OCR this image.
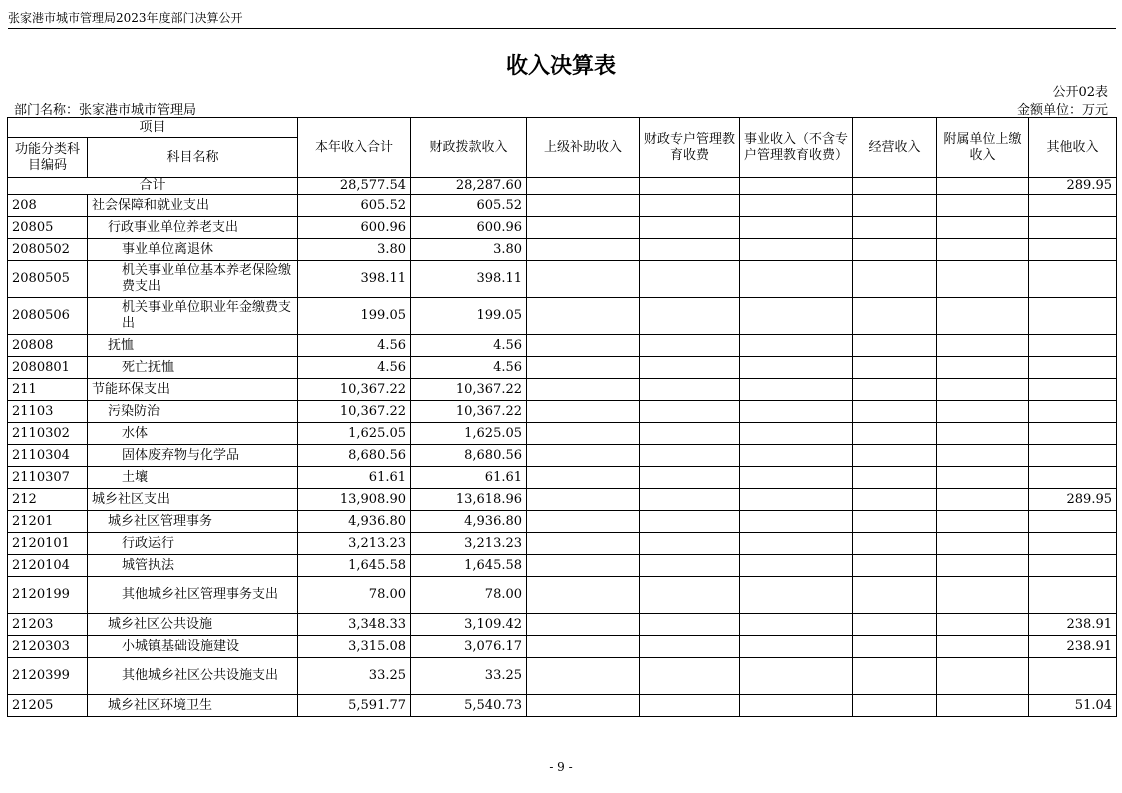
张家港市城市管理局2023年度部门决算公开
收入决算表
公开02表
部门名称：张家港市城市管理局	金额单位：万元
项目		本年收入合计	财政拨款收入	上级补助收入	财政专户管理教育收费	事业收入（不含专户管理教育收费）	经营收入	附属单位上缴收入	其他收入
功能分类科目编码	科目名称								
合计		28,577.54	28,287.60						289.95
208	社会保障和就业支出	605.52	605.52						
20805	行政事业单位养老支出	600.96	600.96						
2080502	事业单位离退休	3.80	3.80						
2080505	机关事业单位基本养老保险缴费支出	398.11	398.11						
2080506	机关事业单位职业年金缴费支出	199.05	199.05						
20808	抚恤	4.56	4.56						
2080801	死亡抚恤	4.56	4.56						
211	节能环保支出	10,367.22	10,367.22						
21103	污染防治	10,367.22	10,367.22						
2110302	水体	1,625.05	1,625.05						
2110304	固体废弃物与化学品	8,680.56	8,680.56						
2110307	土壤	61.61	61.61						
212	城乡社区支出	13,908.90	13,618.96						289.95
21201	城乡社区管理事务	4,936.80	4,936.80						
2120101	行政运行	3,213.23	3,213.23						
2120104	城管执法	1,645.58	1,645.58						
2120199	其他城乡社区管理事务支出	78.00	78.00						
21203	城乡社区公共设施	3,348.33	3,109.42						238.91
2120303	小城镇基础设施建设	3,315.08	3,076.17						238.91
2120399	其他城乡社区公共设施支出	33.25	33.25						
21205	城乡社区环境卫生	5,591.77	5,540.73						51.04
- 9 -
